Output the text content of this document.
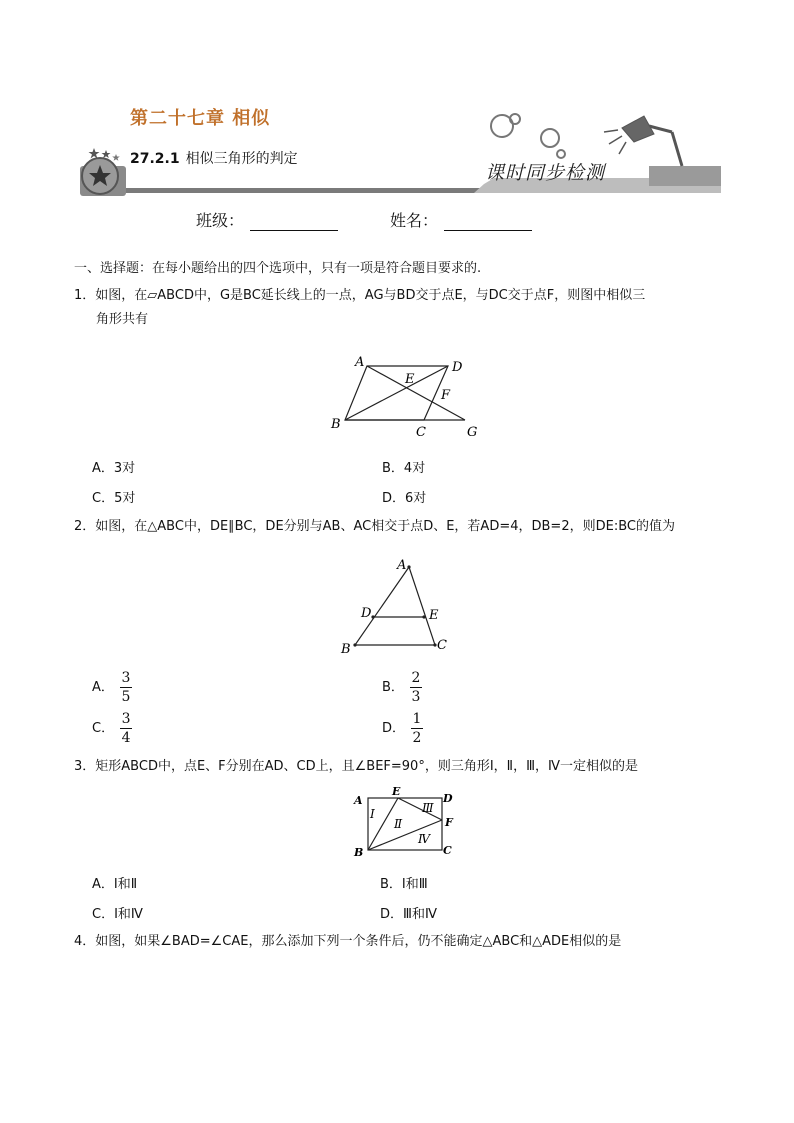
第二十七章 相似
27.2.1 相似三角形的判定
课时同步检测
班级：	姓名：
一、选择题：在每小题给出的四个选项中，只有一项是符合题目要求的.
1．如图，在▱ABCD中，G是BC延长线上的一点，AG与BD交于点E，与DC交于点F，则图中相似三
角形共有
A	D
E
F
B
C	G
A．3对	B．4对
C．5对	D．6对
2．如图，在△ABC中，DE∥BC，DE分别与AB、AC相交于点D、E，若AD=4，DB=2，则DE:BC的值为
A
D	E
B	C
A． $\frac{3}{5}$	B． $\frac{2}{3}$
C． $\frac{3}{4}$	D． $\frac{1}{2}$
3．矩形ABCD中，点E、F分别在AD、CD上，且∠BEF=90°，则三角形Ⅰ，Ⅱ，Ⅲ，Ⅳ一定相似的是
A
E
D
F
B	C
Ⅰ
Ⅱ
Ⅲ
Ⅳ
A．Ⅰ和Ⅱ	B．Ⅰ和Ⅲ
C．Ⅰ和Ⅳ	D．Ⅲ和Ⅳ
4．如图，如果∠BAD=∠CAE，那么添加下列一个条件后，仍不能确定△ABC和△ADE相似的是
